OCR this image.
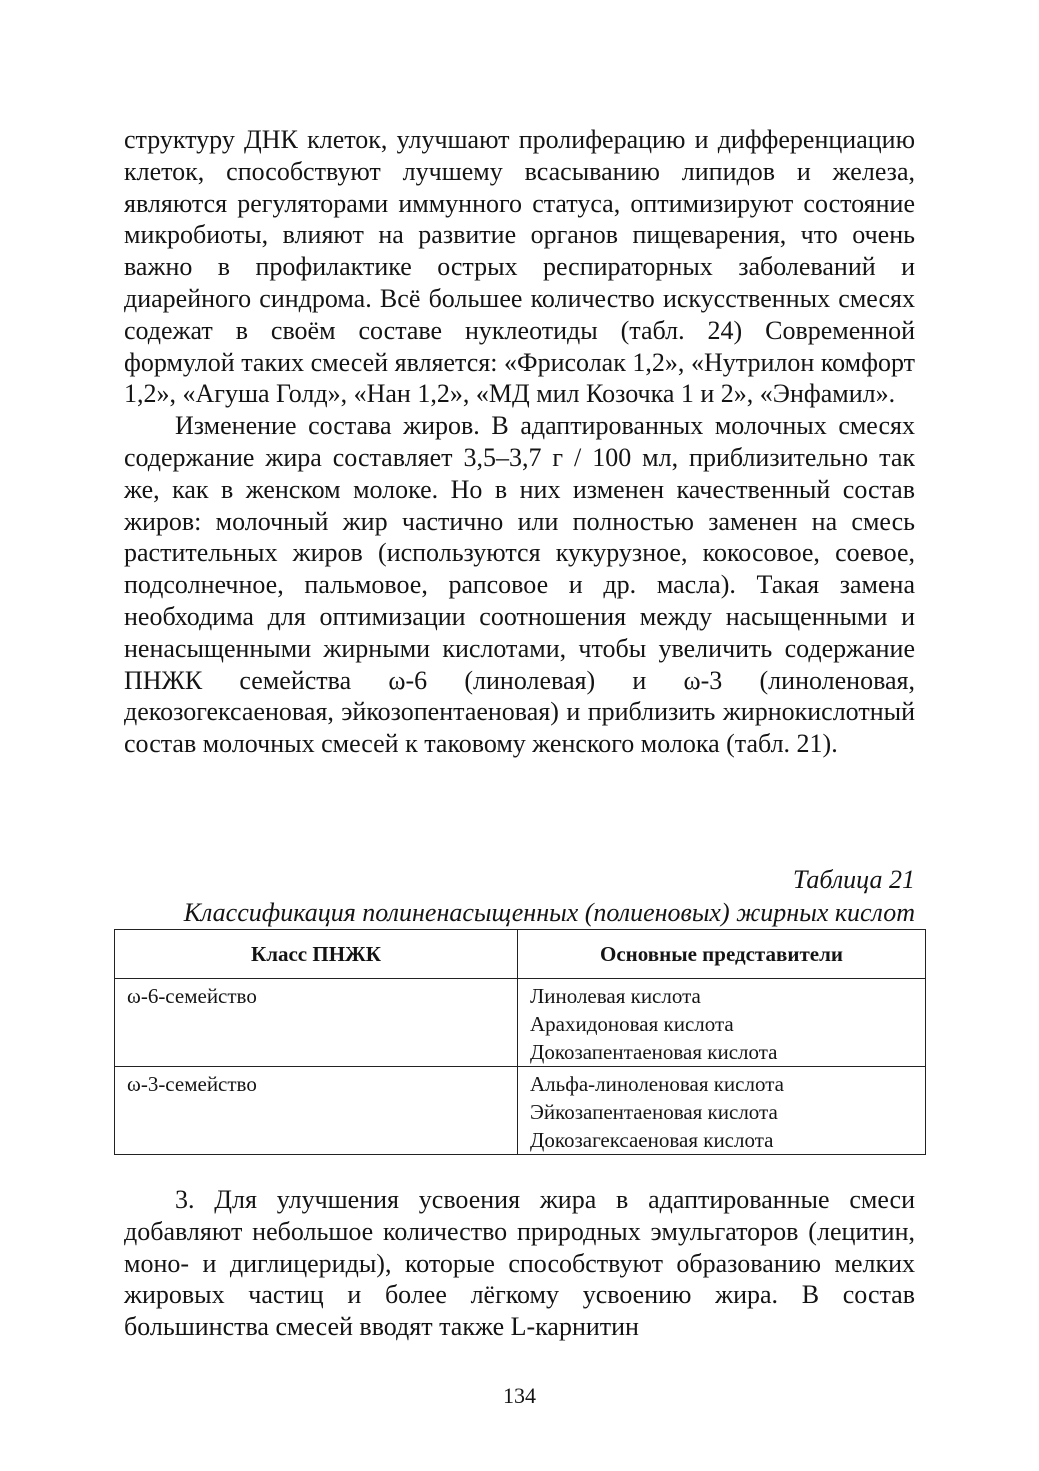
структуру ДНК клеток, улучшают пролиферацию и дифференциацию клеток, способствуют лучшему всасыванию липидов и железа, являются регуляторами иммунного статуса, оптимизируют состояние микробиоты, влияют на развитие органов пищеварения, что очень важно в профилактике острых респираторных заболеваний и диарейного синдрома. Всё большее количество искусственных смесях содежат в своём составе нуклеотиды (табл. 24) Современной формулой таких смесей является: «Фрисолак 1,2», «Нутрилон комфорт 1,2», «Агуша Голд», «Нан 1,2», «МД мил Козочка 1 и 2», «Энфамил».

Изменение состава жиров. В адаптированных молочных смесях содержание жира составляет 3,5–3,7 г / 100 мл, приблизительно так же, как в женском молоке. Но в них изменен качественный состав жиров: молочный жир частично или полностью заменен на смесь растительных жиров (используются кукурузное, кокосовое, соевое, подсолнечное, пальмовое, рапсовое и др. масла). Такая замена необходима для оптимизации соотношения между насыщенными и ненасыщенными жирными кислотами, чтобы увеличить содержание ПНЖК семейства ω-6 (линолевая) и ω-3 (линоленовая, декозогексаеновая, эйкозопентаеновая) и приблизить жирнокислотный состав молочных смесей к таковому женского молока (табл. 21).

Таблица 21
Классификация полиненасыщенных (полиеновых) жирных кислот
Класс ПНЖК	Основные представители
ω-6-семейство	Линолевая кислота
Арахидоновая кислота
Докозапентаеновая кислота

ω-3-семейство	Альфа-линоленовая кислота
Эйкозапентаеновая кислота
Докозагексаеновая кислота

3. Для улучшения усвоения жира в адаптированные смеси добавляют небольшое количество природных эмульгаторов (лецитин, моно- и диглицериды), которые способствуют образованию мелких жировых частиц и более лёгкому усвоению жира. В состав большинства смесей вводят также L-карнитин

134
